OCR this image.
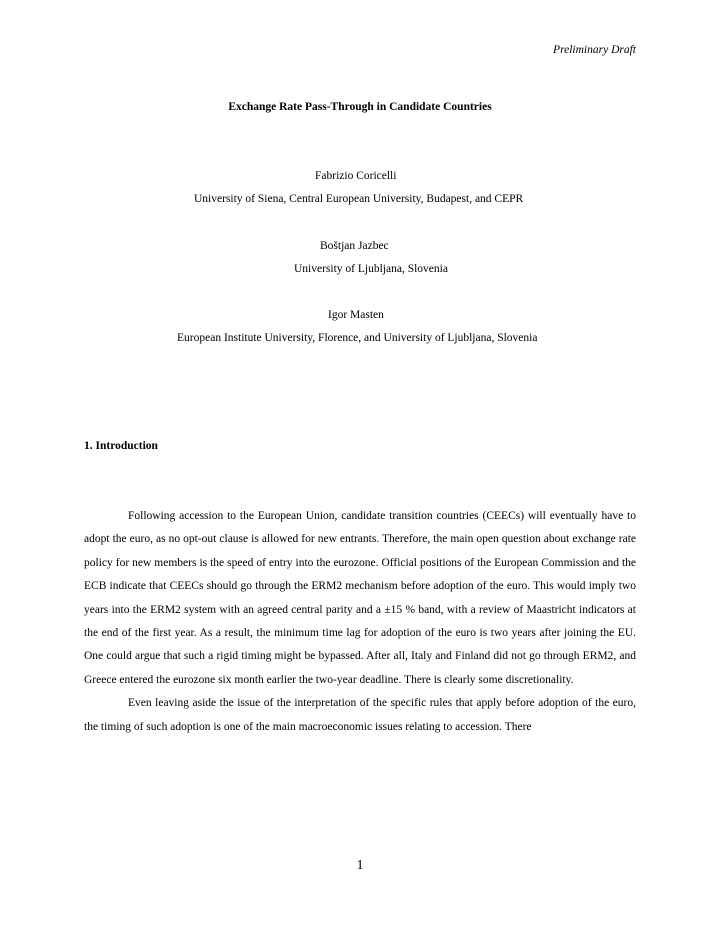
Preliminary Draft
Exchange Rate Pass-Through in Candidate Countries
Fabrizio Coricelli
University of Siena, Central European University, Budapest, and CEPR
Boštjan Jazbec
University of Ljubljana, Slovenia
Igor Masten
European Institute University, Florence, and University of Ljubljana, Slovenia
1. Introduction

Following accession to the European Union, candidate transition countries (CEECs) will eventually have to adopt the euro, as no opt-out clause is allowed for new entrants. Therefore, the main open question about exchange rate policy for new members is the speed of entry into the eurozone. Official positions of the European Commission and the ECB indicate that CEECs should go through the ERM2 mechanism before adoption of the euro. This would imply two years into the ERM2 system with an agreed central parity and a ±15 % band, with a review of Maastricht indicators at the end of the first year. As a result, the minimum time lag for adoption of the euro is two years after joining the EU. One could argue that such a rigid timing might be bypassed. After all, Italy and Finland did not go through ERM2, and Greece entered the eurozone six month earlier the two-year deadline. There is clearly some discretionality.

Even leaving aside the issue of the interpretation of the specific rules that apply before adoption of the euro, the timing of such adoption is one of the main macroeconomic issues relating to accession. There

1
